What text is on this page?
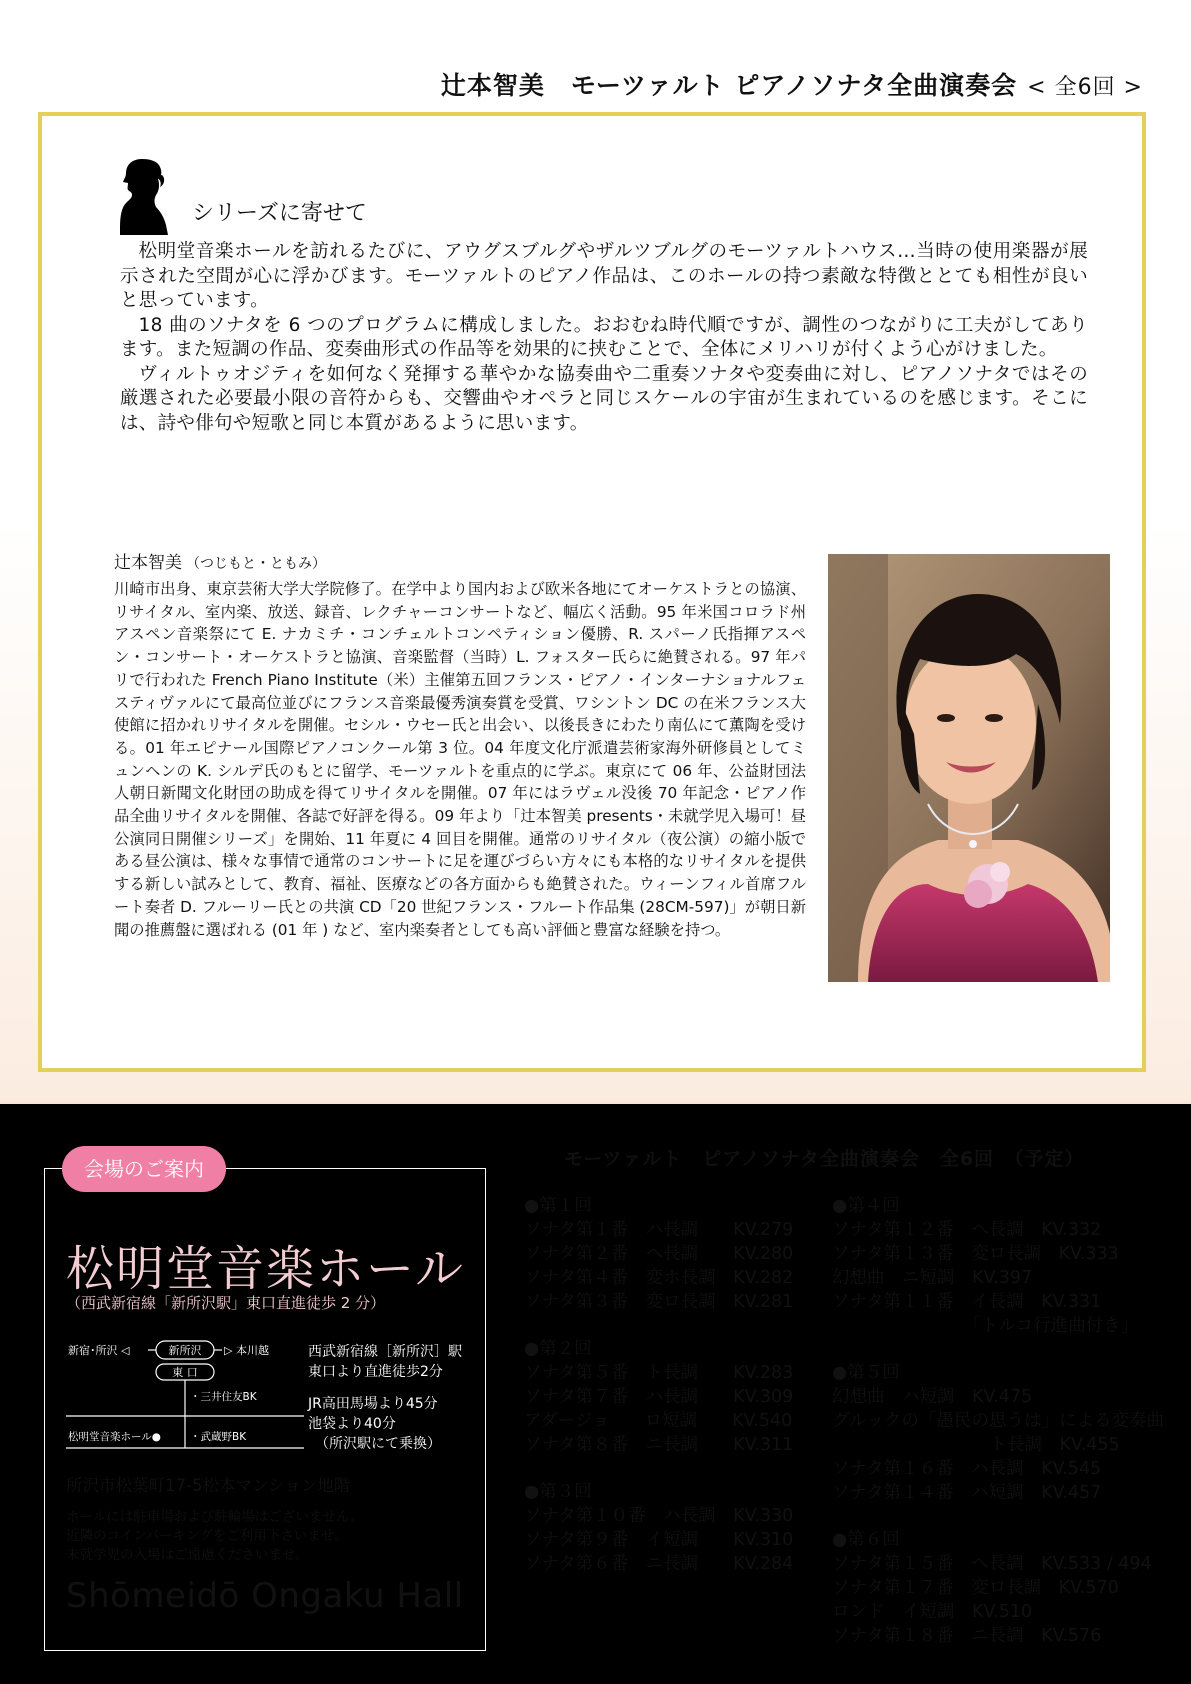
辻本智美　モーツァルト ピアノソナタ全曲演奏会 < 全6回 >
シリーズに寄せて

松明堂音楽ホールを訪れるたびに、アウグスブルグやザルツブルグのモーツァルトハウス…当時の使用楽器が展示された空間が心に浮かびます。モーツァルトのピアノ作品は、このホールの持つ素敵な特徴ととても相性が良いと思っています。

18 曲のソナタを 6 つのプログラムに構成しました。おおむね時代順ですが、調性のつながりに工夫がしてあります。また短調の作品、変奏曲形式の作品等を効果的に挟むことで、全体にメリハリが付くよう心がけました。

ヴィルトゥオジティを如何なく発揮する華やかな協奏曲や二重奏ソナタや変奏曲に対し、ピアノソナタではその厳選された必要最小限の音符からも、交響曲やオペラと同じスケールの宇宙が生まれているのを感じます。そこには、詩や俳句や短歌と同じ本質があるように思います。

辻本智美 （つじもと・ともみ）

川崎市出身、東京芸術大学大学院修了。在学中より国内および欧米各地にてオーケストラとの協演、リサイタル、室内楽、放送、録音、レクチャーコンサートなど、幅広く活動。95 年米国コロラド州アスペン音楽祭にて E. ナカミチ・コンチェルトコンペティション優勝、R. スパーノ氏指揮アスペン・コンサート・オーケストラと協演、音楽監督（当時）L. フォスター氏らに絶賛される。97 年パリで行われた French Piano Institute（米）主催第五回フランス・ピアノ・インターナショナルフェスティヴァルにて最高位並びにフランス音楽最優秀演奏賞を受賞、ワシントン DC の在米フランス大使館に招かれリサイタルを開催。セシル・ウセー氏と出会い、以後長きにわたり南仏にて薫陶を受ける。01 年エピナール国際ピアノコンクール第 3 位。04 年度文化庁派遣芸術家海外研修員としてミュンヘンの K. シルデ氏のもとに留学、モーツァルトを重点的に学ぶ。東京にて 06 年、公益財団法人朝日新聞文化財団の助成を得てリサイタルを開催。07 年にはラヴェル没後 70 年記念・ピアノ作品全曲リサイタルを開催、各誌で好評を得る。09 年より「辻本智美 presents・未就学児入場可！昼公演同日開催シリーズ」を開始、11 年夏に 4 回目を開催。通常のリサイタル（夜公演）の縮小版である昼公演は、様々な事情で通常のコンサートに足を運びづらい方々にも本格的なリサイタルを提供する新しい試みとして、教育、福祉、医療などの各方面からも絶賛された。ウィーンフィル首席フルート奏者 D. フルーリー氏との共演 CD「20 世紀フランス・フルート作品集 (28CM-597)」が朝日新聞の推薦盤に選ばれる (01 年 ) など、室内楽奏者としても高い評価と豊富な経験を持つ。

会場のご案内
松明堂音楽ホール
（西武新宿線「新所沢駅」東口直進徒歩 2 分）
新宿･所沢 ◁	新所沢 ▷ 本川越
東 口
・三井住友BK
松明堂音楽ホール●	・武蔵野BK
西武新宿線［新所沢］駅
東口より直進徒歩2分
JR高田馬場より45分
池袋より40分
　（所沢駅にて乗換）
所沢市松葉町17-5松本マンション地階
ホールには駐車場および駐輪場はございません。
近隣のコインパーキングをご利用下さいませ。
未就学児の入場はご遠慮くださいませ。
Shōmeidō Ongaku Hall
モーツァルト　ピアノソナタ全曲演奏会　全6回　（予定）
●第１回
ソナタ第１番　ハ長調　　KV.279
ソナタ第２番　ヘ長調　　KV.280
ソナタ第４番　変ホ長調　KV.282
ソナタ第３番　変ロ長調　KV.281
●第２回
ソナタ第５番　ト長調　　KV.283
ソナタ第７番　ハ長調　　KV.309
アダージョ　　ロ短調　　KV.540
ソナタ第８番　ニ長調　　KV.311
●第３回
ソナタ第１０番　ハ長調　KV.330
ソナタ第９番　イ短調　　KV.310
ソナタ第６番　ニ長調　　KV.284
●第４回
ソナタ第１２番　ヘ長調　KV.332
ソナタ第１３番　変ロ長調　KV.333
幻想曲　ニ短調　KV.397
ソナタ第１１番　イ長調　KV.331
　　　　　　　　「トルコ行進曲付き」
●第５回
幻想曲　ハ短調　KV.475
グルックの「愚民の思うは」による変奏曲
　　　　　　　　　ト長調　KV.455
ソナタ第１６番　ハ長調　KV.545
ソナタ第１４番　ハ短調　KV.457
●第６回
ソナタ第１５番　ヘ長調　KV.533 / 494
ソナタ第１７番　変ロ長調　KV.570
ロンド　イ短調　KV.510
ソナタ第１８番　ニ長調　KV.576
